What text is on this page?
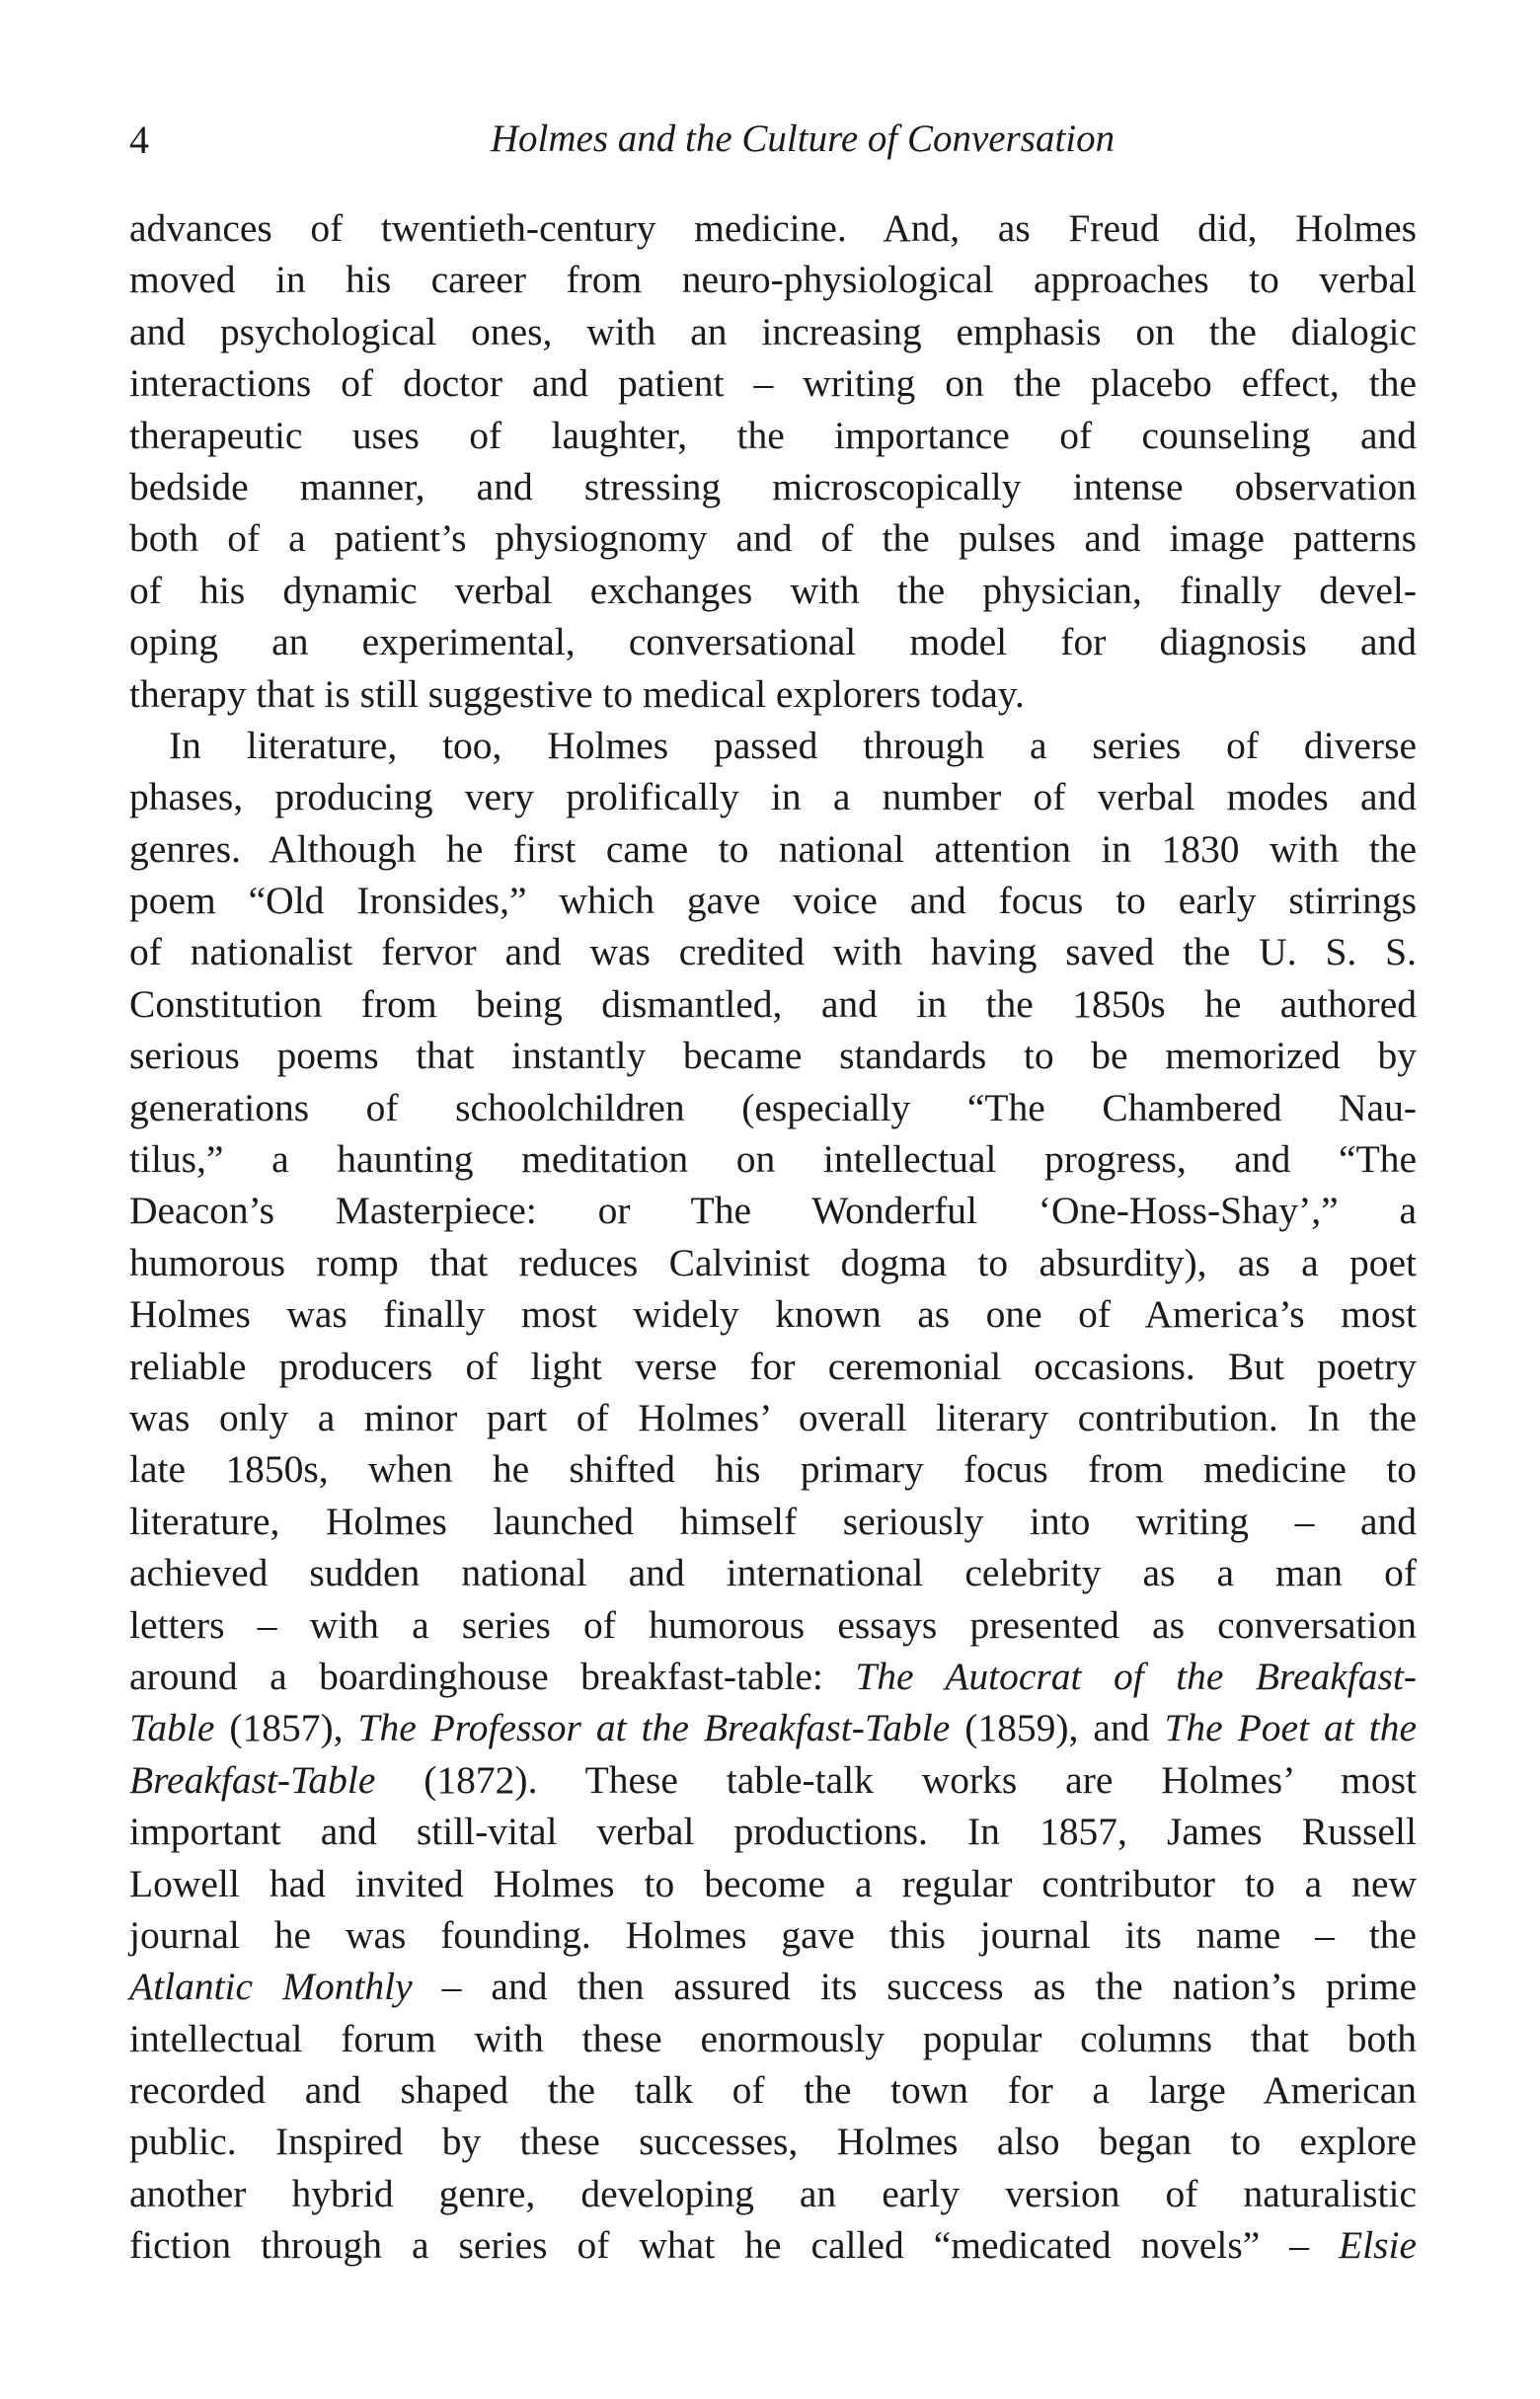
4	Holmes and the Culture of Conversation
advances of twentieth-century medicine. And, as Freud did, Holmes
moved in his career from neuro-physiological approaches to verbal
and psychological ones, with an increasing emphasis on the dialogic
interactions of doctor and patient – writing on the placebo effect, the
therapeutic uses of laughter, the importance of counseling and
bedside manner, and stressing microscopically intense observation
both of a patient’s physiognomy and of the pulses and image patterns
of his dynamic verbal exchanges with the physician, finally devel-
oping an experimental, conversational model for diagnosis and
therapy that is still suggestive to medical explorers today.
In literature, too, Holmes passed through a series of diverse
phases, producing very prolifically in a number of verbal modes and
genres. Although he first came to national attention in 1830 with the
poem “Old Ironsides,” which gave voice and focus to early stirrings
of nationalist fervor and was credited with having saved the U. S. S.
Constitution from being dismantled, and in the 1850s he authored
serious poems that instantly became standards to be memorized by
generations of schoolchildren (especially “The Chambered Nau-
tilus,” a haunting meditation on intellectual progress, and “The
Deacon’s Masterpiece: or The Wonderful ‘One-Hoss-Shay’,” a
humorous romp that reduces Calvinist dogma to absurdity), as a poet
Holmes was finally most widely known as one of America’s most
reliable producers of light verse for ceremonial occasions. But poetry
was only a minor part of Holmes’ overall literary contribution. In the
late 1850s, when he shifted his primary focus from medicine to
literature, Holmes launched himself seriously into writing – and
achieved sudden national and international celebrity as a man of
letters – with a series of humorous essays presented as conversation
around a boardinghouse breakfast-table: The Autocrat of the Breakfast-
Table (1857), The Professor at the Breakfast-Table (1859), and The Poet at the
Breakfast-Table (1872). These table-talk works are Holmes’ most
important and still-vital verbal productions. In 1857, James Russell
Lowell had invited Holmes to become a regular contributor to a new
journal he was founding. Holmes gave this journal its name – the
Atlantic Monthly – and then assured its success as the nation’s prime
intellectual forum with these enormously popular columns that both
recorded and shaped the talk of the town for a large American
public. Inspired by these successes, Holmes also began to explore
another hybrid genre, developing an early version of naturalistic
fiction through a series of what he called “medicated novels” – Elsie
